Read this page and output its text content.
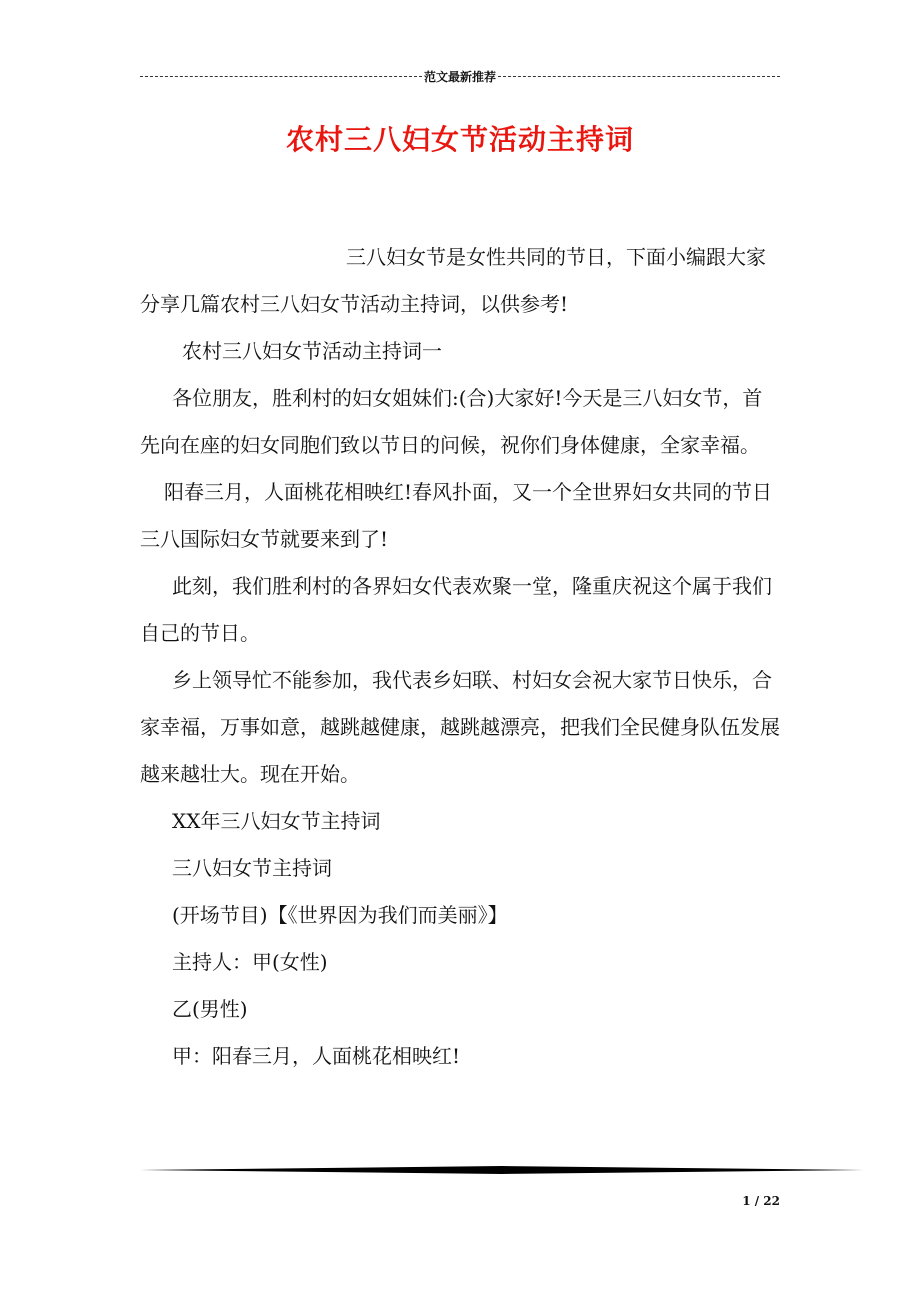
范文最新推荐
农村三八妇女节活动主持词

三八妇女节是女性共同的节日，下面小编跟大家分享几篇农村三八妇女节活动主持词，以供参考!

农村三八妇女节活动主持词一

各位朋友，胜利村的妇女姐妹们:(合)大家好!今天是三八妇女节，首先向在座的妇女同胞们致以节日的问候，祝你们身体健康，全家幸福。

阳春三月，人面桃花相映红!春风扑面，又一个全世界妇女共同的节日三八国际妇女节就要来到了!

此刻，我们胜利村的各界妇女代表欢聚一堂，隆重庆祝这个属于我们自己的节日。

乡上领导忙不能参加，我代表乡妇联、村妇女会祝大家节日快乐，合家幸福，万事如意，越跳越健康，越跳越漂亮，把我们全民健身队伍发展越来越壮大。现在开始。

XX年三八妇女节主持词

三八妇女节主持词

(开场节目)【《世界因为我们而美丽》】

主持人：甲(女性)

乙(男性)

甲：阳春三月，人面桃花相映红!

1 / 22
